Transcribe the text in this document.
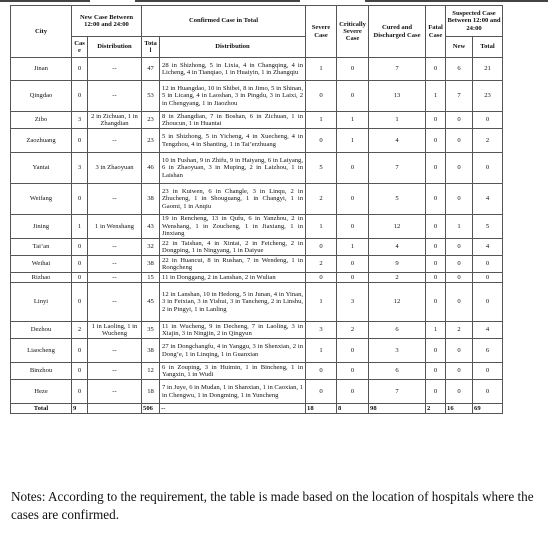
City	New Case Between 12:00 and 24:00		Confirmed Case in Total		Severe Case	Critically Severe Case	Cured and Discharged Case	Fatal Case	Suspected Case Between 12:00 and 24:00	
	Cas e	Distribution	Tota l	Distribution					New	Total
Jinan	0	--	47	28 in Shizhong, 5 in Lixia, 4 in Changqing, 4 in Licheng, 4 in Tianqiao, 1 in Huaiyin, 1 in Zhangqiu	1	0	7	0	6	21
Qingdao	0	--	53	12 in Huangdao, 10 in Shibei, 8 in Jimo, 5 in Shinan, 5 in Licang, 4 in Laoshan, 3 in Pingdu, 3 in Laixi, 2 in Chengyang, 1 in Jiaozhou	0	0	13	1	7	23
Zibo	3	2 in Zichuan, 1 in Zhangdian	23	8 in Zhangdian, 7 in Boshan, 6 in Zichuan, 1 in Zhoucun, 1 in Huantai	1	1	1	0	0	0
Zaozhuang	0	--	23	5 in Shizhong, 5 in Yicheng, 4 in Xuecheng, 4 in Tengzhou, 4 in Shanting, 1 in Tai’erzhuang	0	1	4	0	0	2
Yantai	3	3 in Zhaoyuan	46	10 in Fushan, 9 in Zhifu, 9 in Haiyang, 6 in Laiyang, 6 in Zhaoyuan, 3 in Muping, 2 in Laizhou, 1 in Laishan	5	0	7	0	0	0
Weifang	0	--	38	23 in Kuiwen, 6 in Changle, 3 in Linqu, 2 in Zhucheng, 1 in Shouguang, 1 in Changyi, 1 in Gaomi, 1 in Anqiu	2	0	5	0	0	4
Jining	1	1 in Wenshang	43	19 in Rencheng, 13 in Qufu, 6 in Yanzhou, 2 in Wenshang, 1 in Zoucheng, 1 in Jiaxiang, 1 in Jinxiang	1	0	12	0	1	5
Tai’an	0	--	32	22 in Taishan, 4 in Xintai, 2 in Feicheng, 2 in Dongping, 1 in Ningyang, 1 in Daiyue	0	1	4	0	0	4
Weihai	0	--	38	22 in Huancui, 8 in Rushan, 7 in Wendeng, 1 in Rongcheng	2	0	9	0	0	0
Rizhao	0	--	15	11 in Donggang, 2 in Lanshan, 2 in Wulian	0	0	2	0	0	0
Linyi	0	--	45	12 in Lanshan, 10 in Hedong, 5 in Junan, 4 in Yinan, 3 in Feixian, 3 in Yishui, 3 in Tancheng, 2 in Linshu, 2 in Pingyi, 1 in Lanling	1	3	12	0	0	0
Dezhou	2	1 in Laoling, 1 in Wucheng	35	11 in Wucheng, 9 in Decheng, 7 in Laoling, 3 in Xiajin, 3 in Ningjin, 2 in Qingyun	3	2	6	1	2	4
Liaocheng	0	--	38	27 in Dongchangfu, 4 in Yanggu, 3 in Shenxian, 2 in Dong’e, 1 in Linqing, 1 in Guanxian	1	0	3	0	0	6
Binzhou	0	--	12	6 in Zouping, 3 in Huimin, 1 in Bincheng, 1 in Yangxin, 1 in Wudi	0	0	6	0	0	0
Heze	0	--	18	7 in Juye, 6 in Mudan, 1 in Shanxian, 1 in Caoxian, 1 in Chengwu, 1 in Dongming, 1 in Yuncheng	0	0	7	0	0	0
Total	9		506	--	18	8	98	2	16	69

Notes: According to the requirement, the table is made based on the location of hospitals where the cases are confirmed.
